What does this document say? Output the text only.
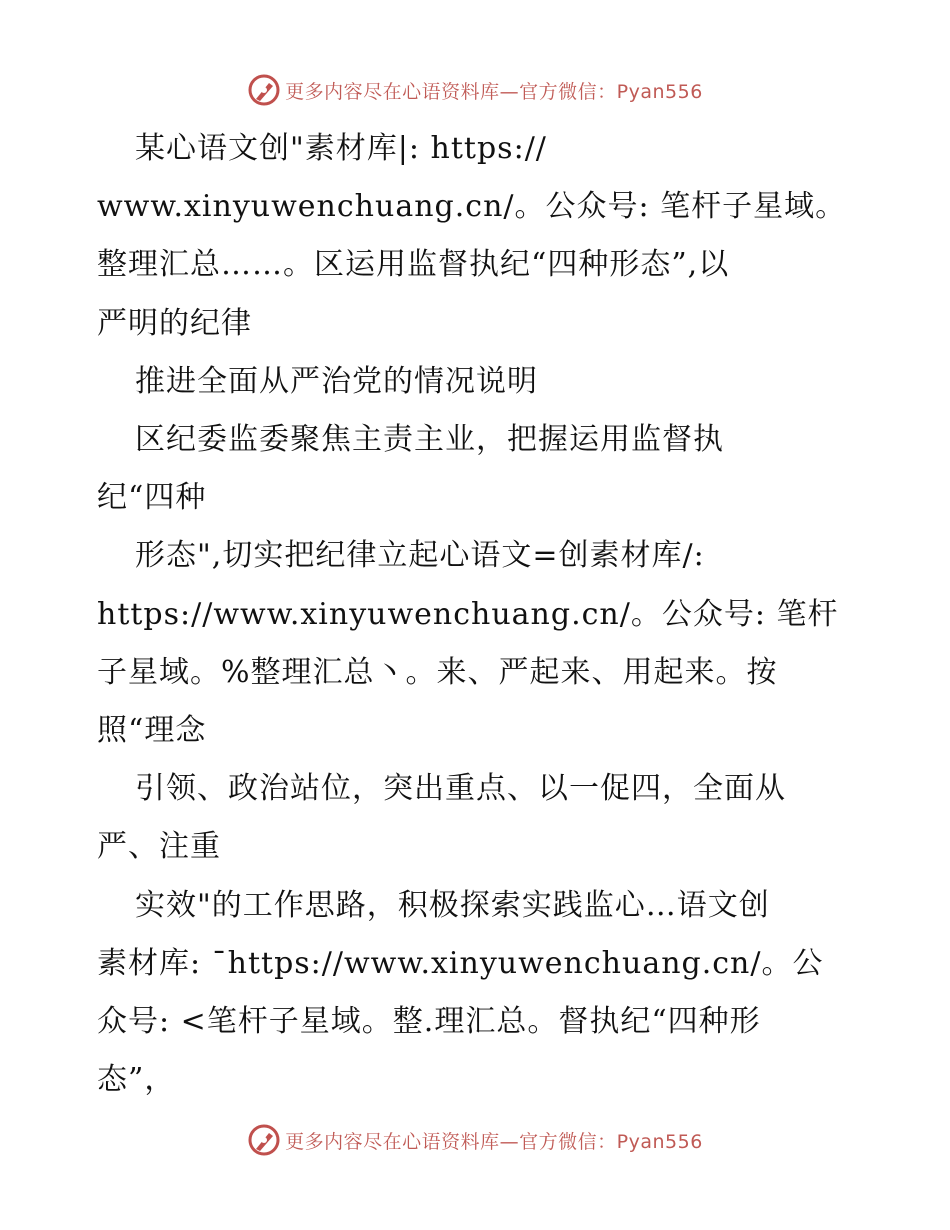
更多内容尽在心语资料库—官方微信：Pyan556

某心语文创"素材库|: https://

www.xinyuwenchuang.cn/。公众号: 笔杆子星域。

整理汇总……。区运用监督执纪“四种形态”,以

严明的纪律

推进全面从严治党的情况说明

区纪委监委聚焦主责主业，把握运用监督执

纪“四种

形态",切实把纪律立起心语文=创素材库/:

https://www.xinyuwenchuang.cn/。公众号: 笔杆

子星域。%整理汇总丶。来、严起来、用起来。按

照“理念

引领、政治站位，突出重点、以一促四，全面从

严、注重

实效"的工作思路，积极探索实践监心…语文创

素材库: ¯https://www.xinyuwenchuang.cn/。公

众号: <笔杆子星域。整.理汇总。督执纪“四种形

态”，

更多内容尽在心语资料库—官方微信：Pyan556
